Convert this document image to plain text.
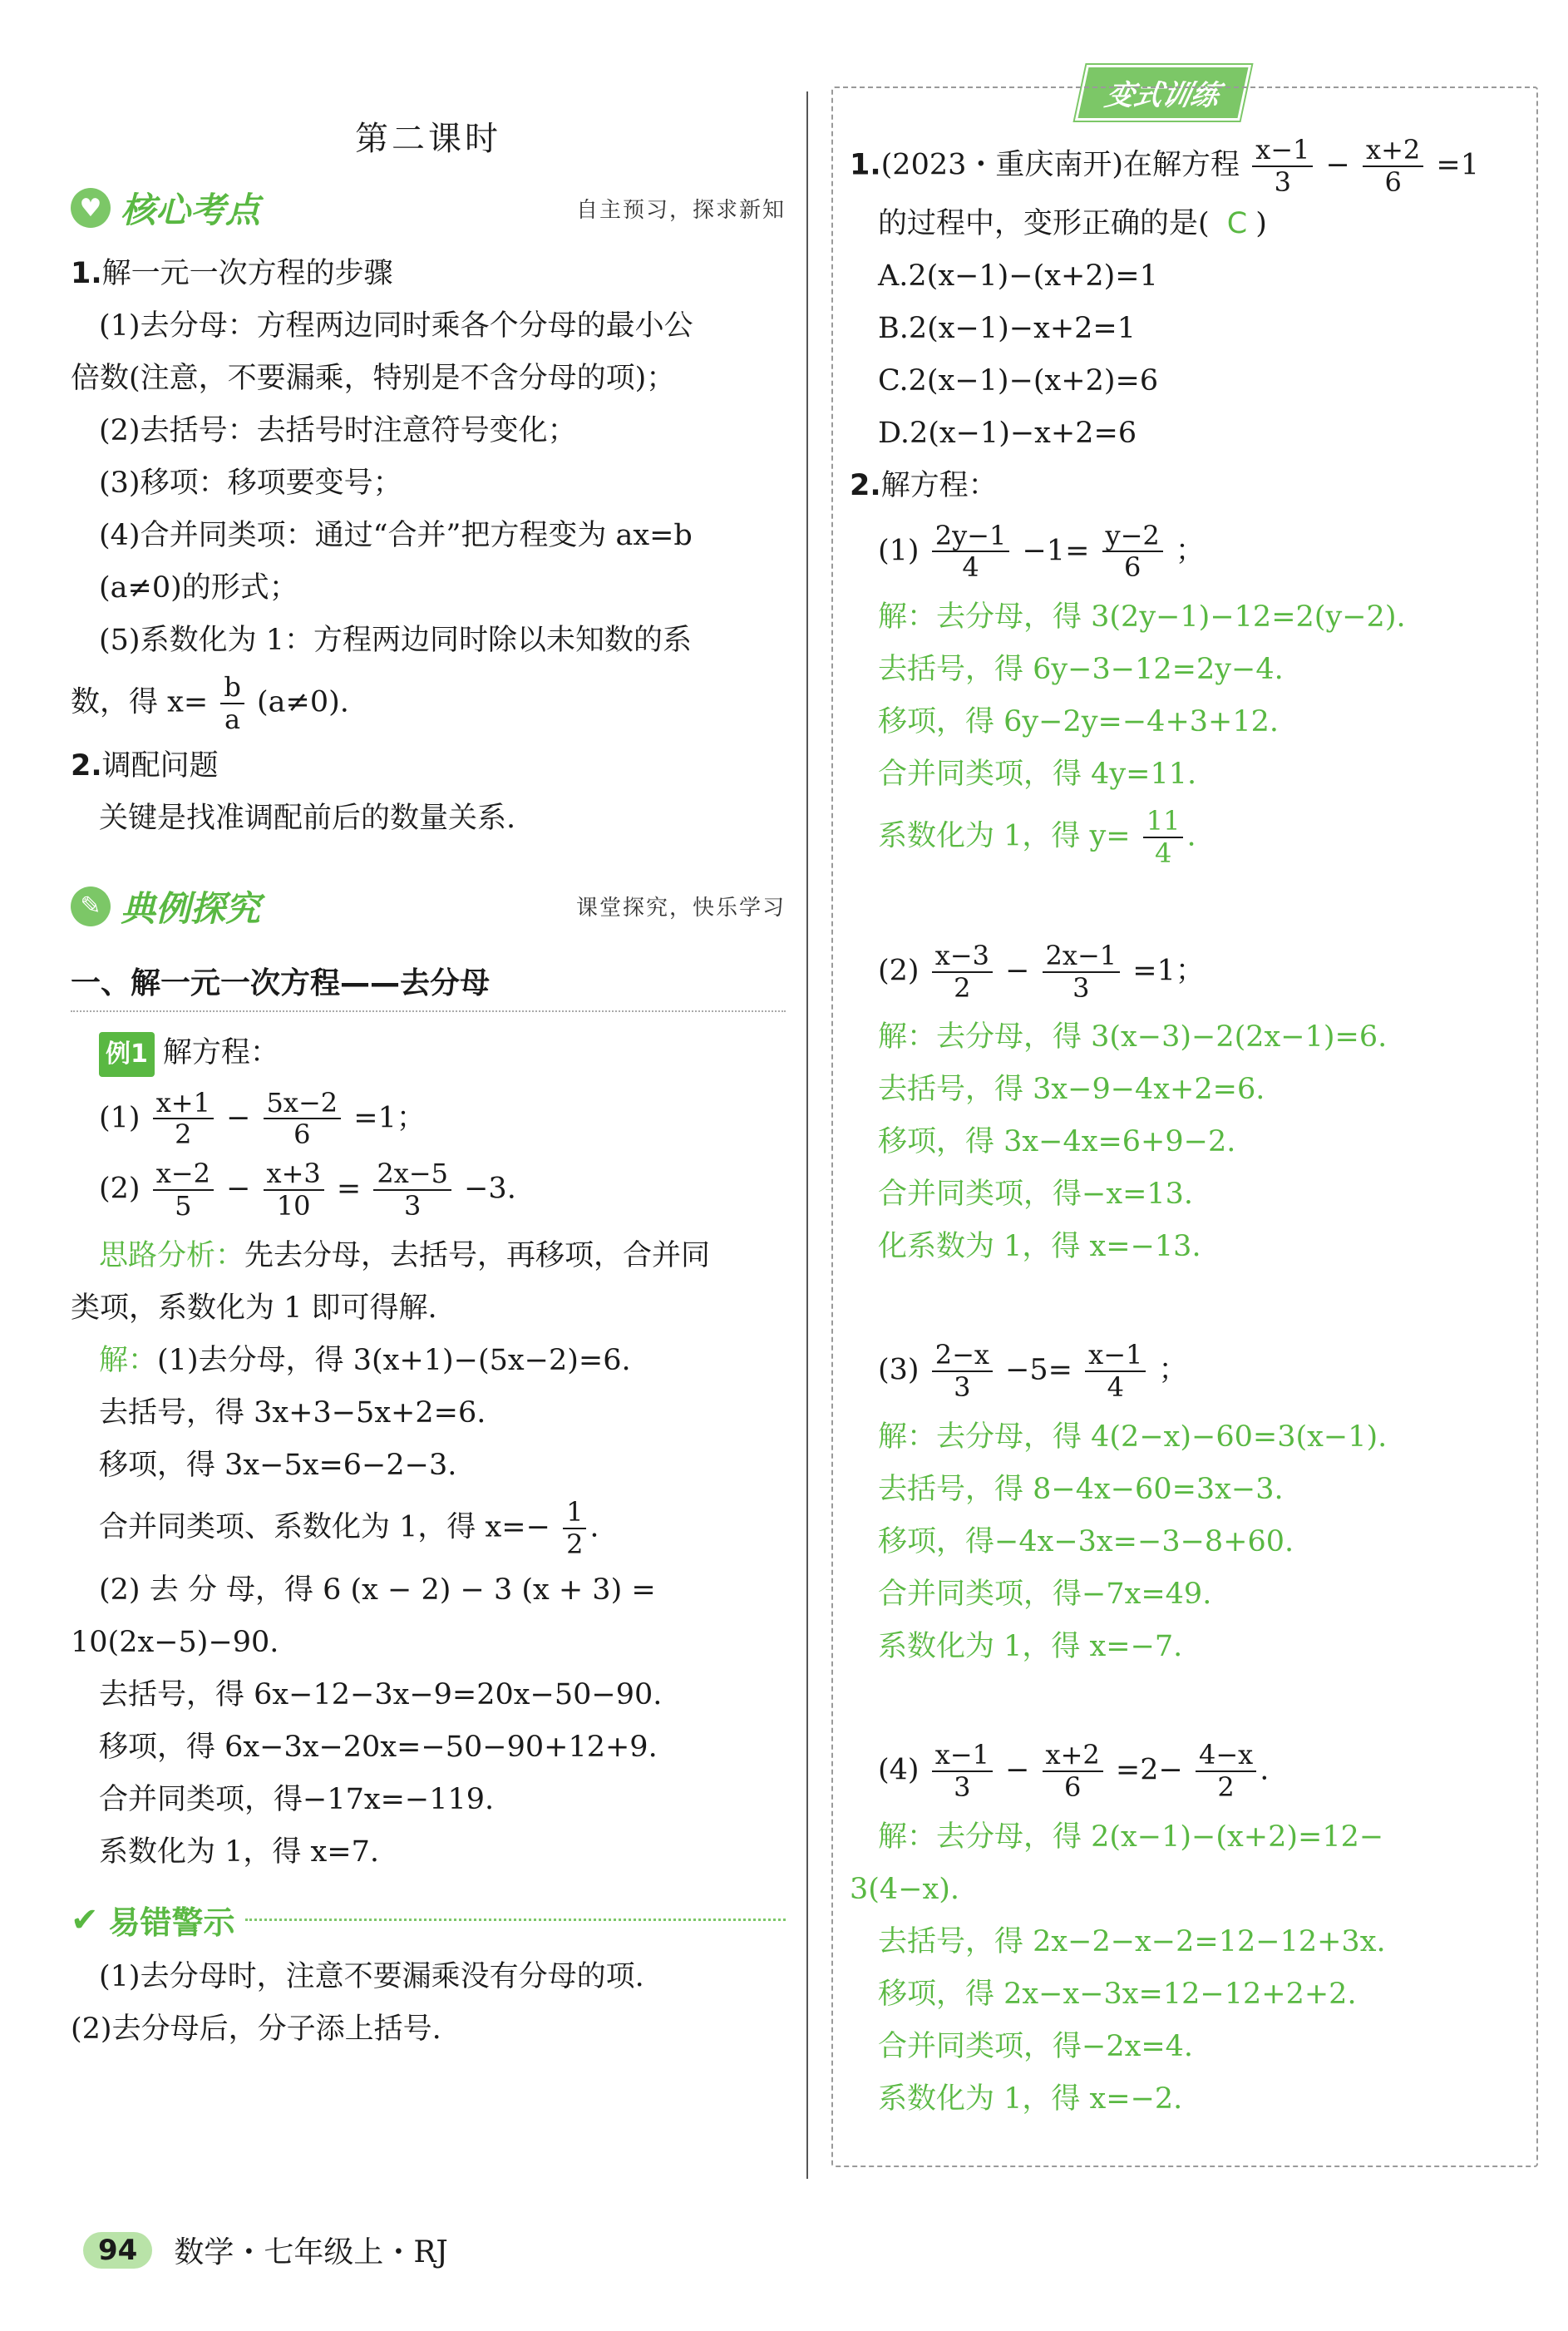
第二课时
♥ 核心考点	自主预习，探求新知
1.解一元一次方程的步骤
(1)去分母：方程两边同时乘各个分母的最小公
倍数(注意，不要漏乘，特别是不含分母的项)；
(2)去括号：去括号时注意符号变化；
(3)移项：移项要变号；
(4)合并同类项：通过“合并”把方程变为 ax=b
(a≠0)的形式；
(5)系数化为 1：方程两边同时除以未知数的系
数，得 $x= \frac{b}{a} (a\ne 0)$.
2.调配问题
关键是找准调配前后的数量关系.
✎ 典例探究	课堂探究，快乐学习
一、解一元一次方程——去分母
例1 解方程：
$(1) \frac{x+1}{2} - \frac{5x-2}{6} =1$；
$(2) \frac{x-2}{5} - \frac{x+3}{10} = \frac{2x-5}{3} -3$.
思路分析：先去分母，去括号，再移项，合并同
类项，系数化为 1 即可得解.
解：(1)去分母，得 3(x+1)−(5x−2)=6.
去括号，得 3x+3−5x+2=6.
移项，得 3x−5x=6−2−3.
合并同类项、系数化为 1，得 $x=- \frac{1}{2}$ .
(2) 去 分 母，得 6 (x − 2) − 3 (x + 3) =
10(2x−5)−90.
去括号，得 6x−12−3x−9=20x−50−90.
移项，得 6x−3x−20x=−50−90+12+9.
合并同类项，得−17x=−119.
系数化为 1，得 x=7.
✔ 易错警示
(1)去分母时，注意不要漏乘没有分母的项.
(2)去分母后，分子添上括号.
变式训练
1.(2023・重庆南开)在解方程 $\frac{x-1}{3} - \frac{x+2}{6} =1$
的过程中，变形正确的是( C )
A.2(x−1)−(x+2)=1
B.2(x−1)−x+2=1
C.2(x−1)−(x+2)=6
D.2(x−1)−x+2=6
2.解方程：
$(1) \frac{2y-1}{4} -1= \frac{y-2}{6}$ ；
解：去分母，得 3(2y−1)−12=2(y−2).
去括号，得 6y−3−12=2y−4.
移项，得 6y−2y=−4+3+12.
合并同类项，得 4y=11.
系数化为 1，得 $y= \frac{11}{4}$ .
$(2) \frac{x-3}{2} - \frac{2x-1}{3} =1$；
解：去分母，得 3(x−3)−2(2x−1)=6.
去括号，得 3x−9−4x+2=6.
移项，得 3x−4x=6+9−2.
合并同类项，得−x=13.
化系数为 1，得 x=−13.
$(3) \frac{2-x}{3} -5= \frac{x-1}{4}$ ；
解：去分母，得 4(2−x)−60=3(x−1).
去括号，得 8−4x−60=3x−3.
移项，得−4x−3x=−3−8+60.
合并同类项，得−7x=49.
系数化为 1，得 x=−7.
$(4) \frac{x-1}{3} - \frac{x+2}{6} =2- \frac{4-x}{2}$ .
解：去分母，得 2(x−1)−(x+2)=12−
3(4−x).
去括号，得 2x−2−x−2=12−12+3x.
移项，得 2x−x−3x=12−12+2+2.
合并同类项，得−2x=4.
系数化为 1，得 x=−2.
94	数学・七年级上・RJ
